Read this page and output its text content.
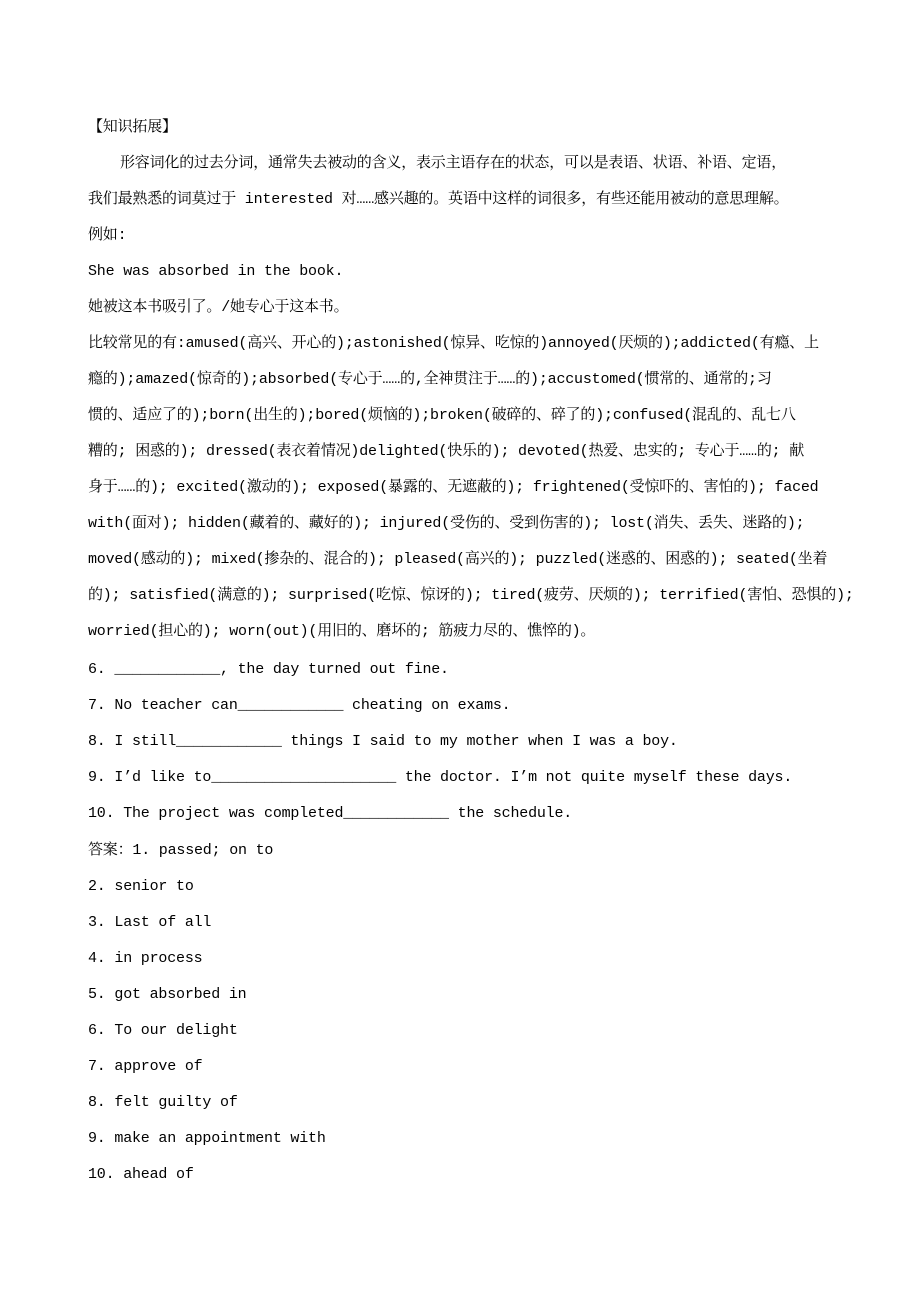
【知识拓展】
形容词化的过去分词，通常失去被动的含义，表示主语存在的状态，可以是表语、状语、补语、定语，
我们最熟悉的词莫过于 interested 对……感兴趣的。英语中这样的词很多，有些还能用被动的意思理解。
例如:
She was absorbed in the book.
她被这本书吸引了。/她专心于这本书。
比较常见的有:amused(高兴、开心的);astonished(惊异、吃惊的)annoyed(厌烦的);addicted(有瘾、上
瘾的);amazed(惊奇的);absorbed(专心于……的,全神贯注于……的);accustomed(惯常的、通常的;习
惯的、适应了的);born(出生的);bored(烦恼的);broken(破碎的、碎了的);confused(混乱的、乱七八
糟的; 困惑的); dressed(表衣着情况)delighted(快乐的); devoted(热爱、忠实的; 专心于……的; 献
身于……的); excited(激动的); exposed(暴露的、无遮蔽的); frightened(受惊吓的、害怕的); faced
with(面对); hidden(藏着的、藏好的); injured(受伤的、受到伤害的); lost(消失、丢失、迷路的);
moved(感动的); mixed(掺杂的、混合的); pleased(高兴的); puzzled(迷惑的、困惑的); seated(坐着
的); satisfied(满意的); surprised(吃惊、惊讶的); tired(疲劳、厌烦的); terrified(害怕、恐惧的);
worried(担心的); worn(out)(用旧的、磨坏的; 筋疲力尽的、憔悴的)。
6. ____________, the day turned out fine.
7. No teacher can____________ cheating on exams.
8. I still____________ things I said to my mother when I was a boy.
9. I’d like to_____________________ the doctor. I’m not quite myself these days.
10. The project was completed____________ the schedule.
答案：1. passed; on to
2. senior to
3. Last of all
4. in process
5. got absorbed in
6. To our delight
7. approve of
8. felt guilty of
9. make an appointment with
10. ahead of
